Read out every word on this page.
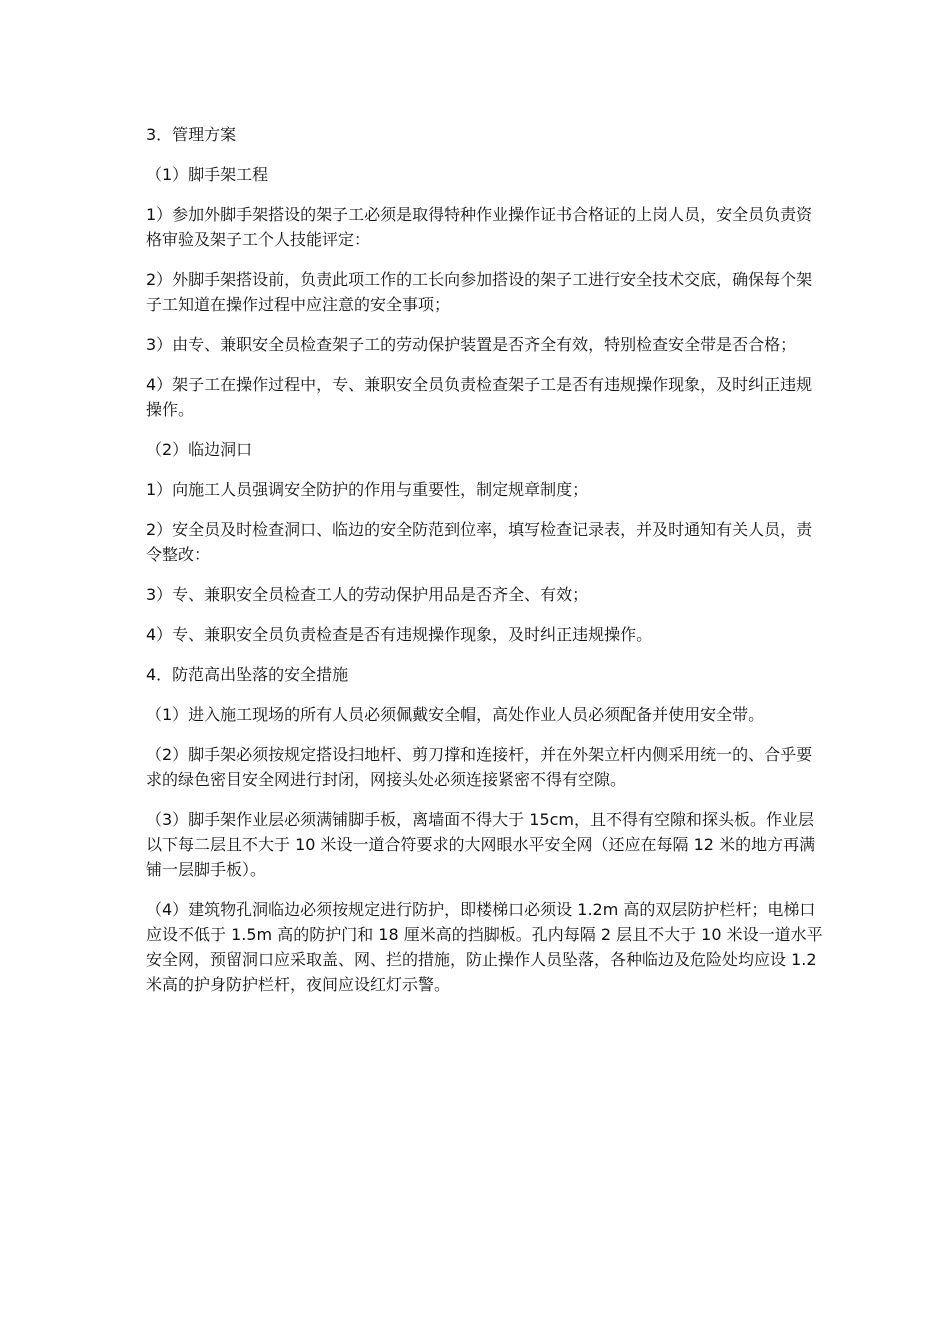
3．管理方案

（1）脚手架工程

1）参加外脚手架搭设的架子工必须是取得特种作业操作证书合格证的上岗人员，安全员负责资格审验及架子工个人技能评定：

2）外脚手架搭设前，负责此项工作的工长向参加搭设的架子工进行安全技术交底，确保每个架子工知道在操作过程中应注意的安全事项；

3）由专、兼职安全员检查架子工的劳动保护装置是否齐全有效，特别检查安全带是否合格；

4）架子工在操作过程中，专、兼职安全员负责检查架子工是否有违规操作现象，及时纠正违规操作。

（2）临边洞口

1）向施工人员强调安全防护的作用与重要性，制定规章制度；

2）安全员及时检查洞口、临边的安全防范到位率，填写检查记录表，并及时通知有关人员，责令整改：

3）专、兼职安全员检查工人的劳动保护用品是否齐全、有效；

4）专、兼职安全员负责检查是否有违规操作现象，及时纠正违规操作。

4．防范高出坠落的安全措施

（1）进入施工现场的所有人员必须佩戴安全帽，高处作业人员必须配备并使用安全带。

（2）脚手架必须按规定搭设扫地杆、剪刀撑和连接杆，并在外架立杆内侧采用统一的、合乎要求的绿色密目安全网进行封闭，网接头处必须连接紧密不得有空隙。

（3）脚手架作业层必须满铺脚手板，离墙面不得大于 15cm，且不得有空隙和探头板。作业层以下每二层且不大于 10 米设一道合符要求的大网眼水平安全网（还应在每隔 12 米的地方再满铺一层脚手板）。

（4）建筑物孔洞临边必须按规定进行防护，即楼梯口必须设 1.2m 高的双层防护栏杆；电梯口应设不低于 1.5m 高的防护门和 18 厘米高的挡脚板。孔内每隔 2 层且不大于 10 米设一道水平安全网，预留洞口应采取盖、网、拦的措施，防止操作人员坠落，各种临边及危险处均应设 1.2 米高的护身防护栏杆，夜间应设红灯示警。
